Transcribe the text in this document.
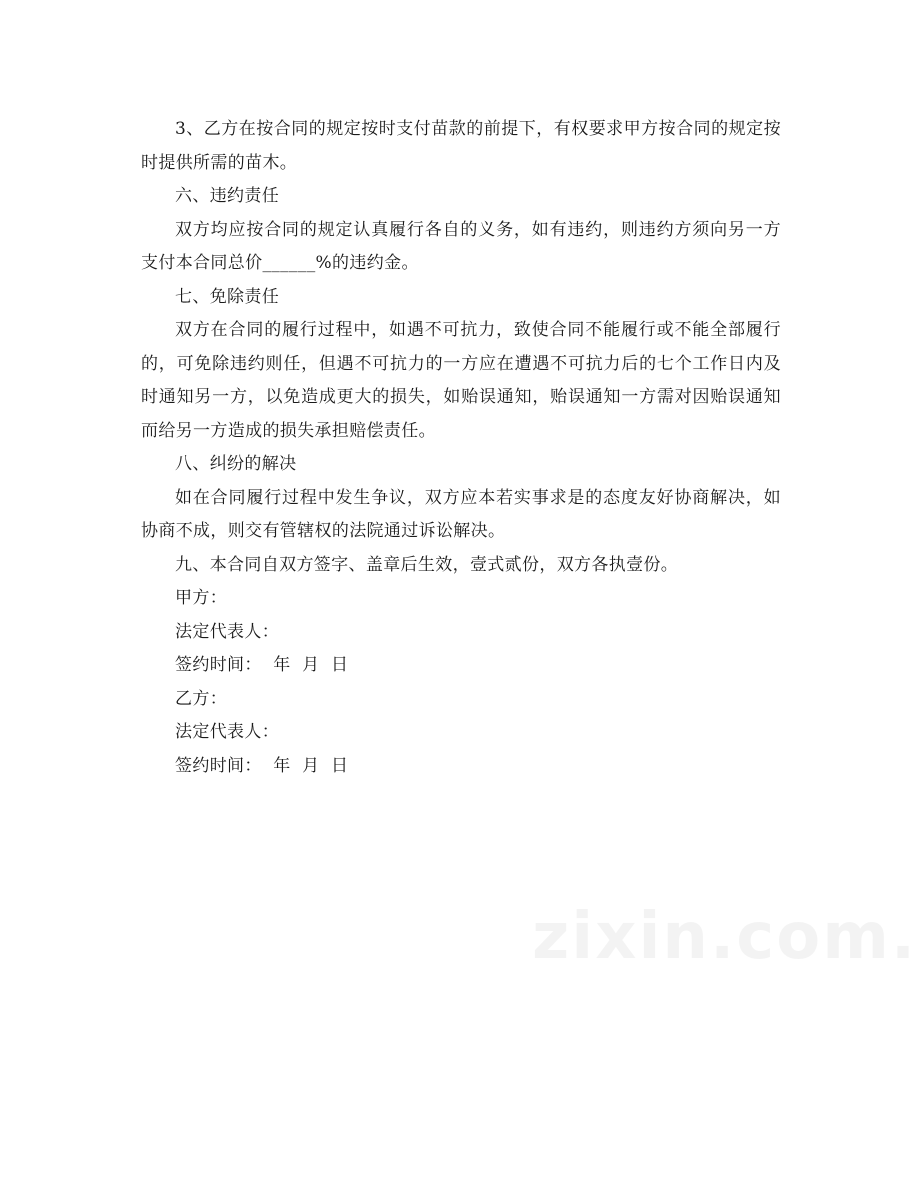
3、乙方在按合同的规定按时支付苗款的前提下，有权要求甲方按合同的规定按时提供所需的苗木。

六、违约责任

双方均应按合同的规定认真履行各自的义务，如有违约，则违约方须向另一方支付本合同总价______%的违约金。

七、免除责任

双方在合同的履行过程中，如遇不可抗力，致使合同不能履行或不能全部履行的，可免除违约则任，但遇不可抗力的一方应在遭遇不可抗力后的七个工作日内及时通知另一方，以免造成更大的损失，如贻误通知，贻误通知一方需对因贻误通知而给另一方造成的损失承担赔偿责任。

八、纠纷的解决

如在合同履行过程中发生争议，双方应本若实事求是的态度友好协商解决，如协商不成，则交有管辖权的法院通过诉讼解决。

九、本合同自双方签字、盖章后生效，壹式贰份，双方各执壹份。

甲方：

法定代表人：

签约时间：  年  月  日

乙方：

法定代表人：

签约时间：  年  月  日
